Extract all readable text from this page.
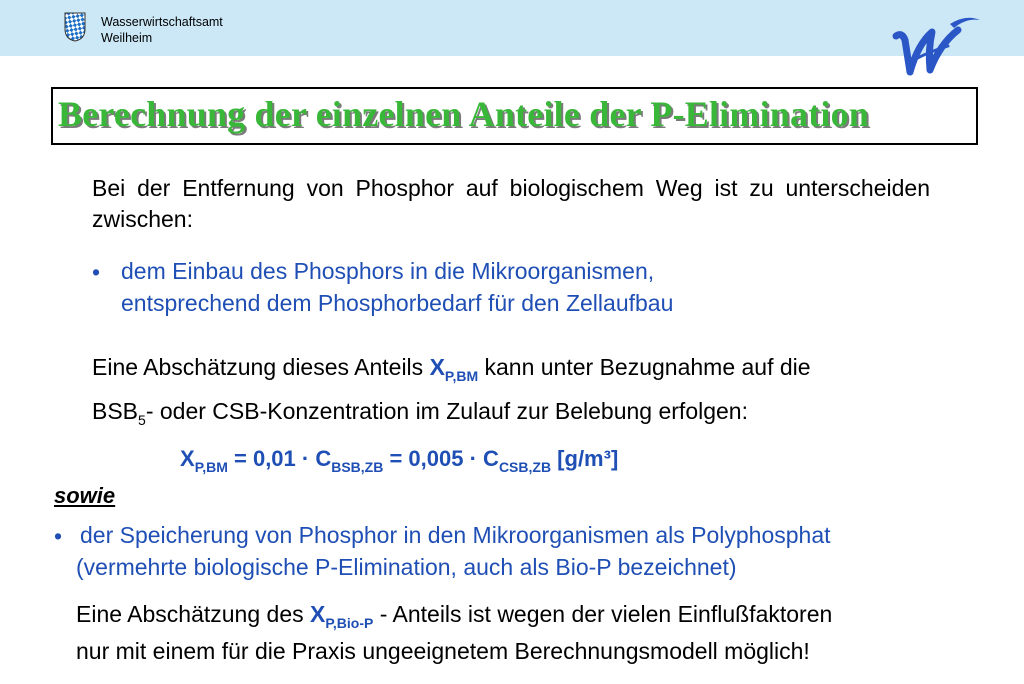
Wasserwirtschaftsamt
Weilheim
Berechnung der einzelnen Anteile der P-Elimination
Bei der Entfernung von Phosphor auf biologischem Weg ist zu unterscheiden zwischen:
• dem Einbau des Phosphors in die Mikroorganismen,
entsprechend dem Phosphorbedarf für den Zellaufbau
Eine Abschätzung dieses Anteils $X_{P,BM}$ kann unter Bezugnahme auf die
$BSB_5-$ oder CSB-Konzentration im Zulauf zur Belebung erfolgen:
$X_{P,BM} = 0,01 \cdot C_{BSB,ZB} = 0,005 \cdot C_{CSB,ZB}$ [g/m³]
sowie
• der Speicherung von Phosphor in den Mikroorganismen als Polyphosphat
(vermehrte biologische P-Elimination, auch als Bio-P bezeichnet)
Eine Abschätzung des $X_{P,Bio-P}$ - Anteils ist wegen der vielen Einflußfaktoren
nur mit einem für die Praxis ungeeignetem Berechnungsmodell möglich!
